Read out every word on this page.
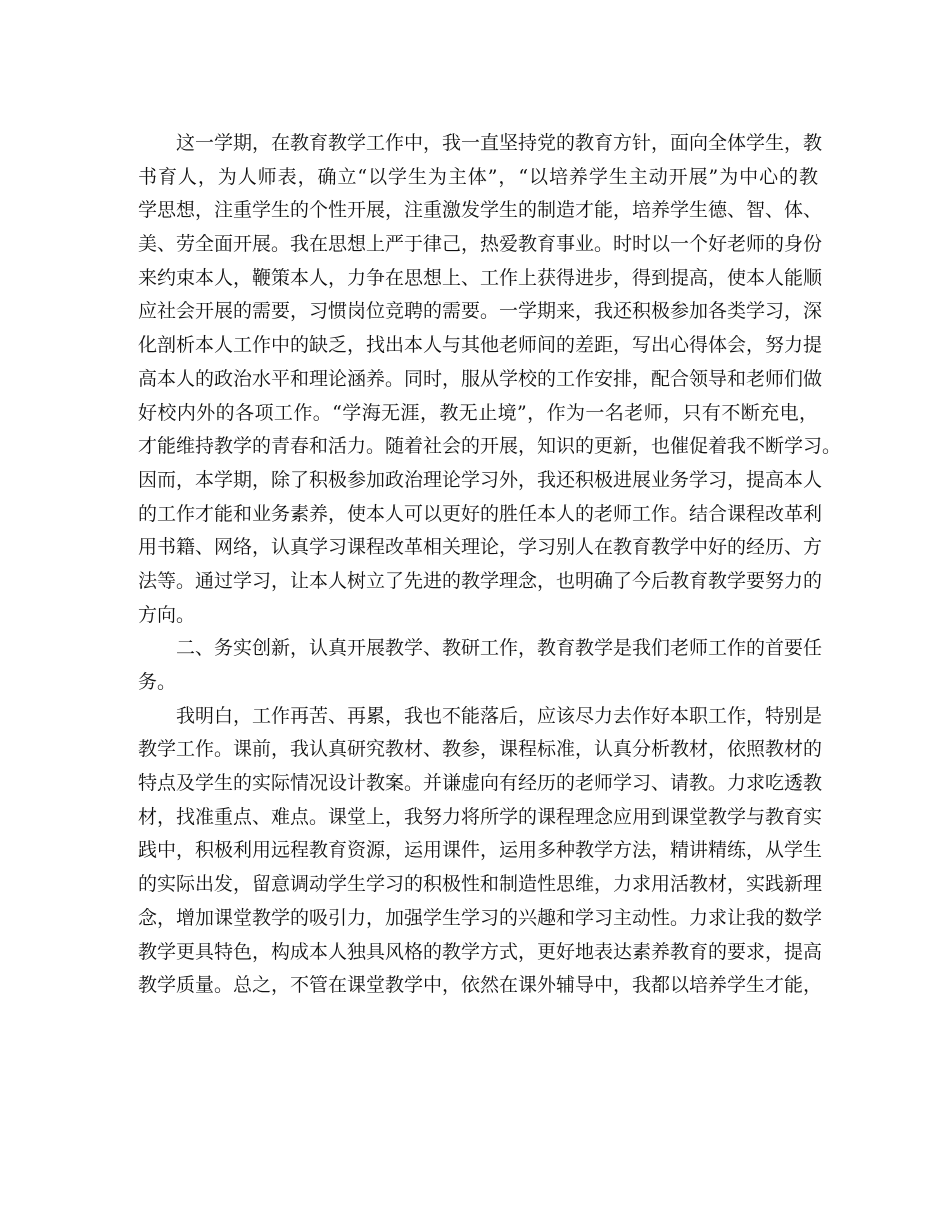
这一学期，在教育教学工作中，我一直坚持党的教育方针，面向全体学生，教
书育人，为人师表，确立“以学生为主体”，“以培养学生主动开展”为中心的教
学思想，注重学生的个性开展，注重激发学生的制造才能，培养学生德、智、体、
美、劳全面开展。我在思想上严于律己，热爱教育事业。时时以一个好老师的身份
来约束本人，鞭策本人，力争在思想上、工作上获得进步，得到提高，使本人能顺
应社会开展的需要，习惯岗位竞聘的需要。一学期来，我还积极参加各类学习，深
化剖析本人工作中的缺乏，找出本人与其他老师间的差距，写出心得体会，努力提
高本人的政治水平和理论涵养。同时，服从学校的工作安排，配合领导和老师们做
好校内外的各项工作。“学海无涯，教无止境”，作为一名老师，只有不断充电，
才能维持教学的青春和活力。随着社会的开展，知识的更新，也催促着我不断学习。
因而，本学期，除了积极参加政治理论学习外，我还积极进展业务学习，提高本人
的工作才能和业务素养，使本人可以更好的胜任本人的老师工作。结合课程改革利
用书籍、网络，认真学习课程改革相关理论，学习别人在教育教学中好的经历、方
法等。通过学习，让本人树立了先进的教学理念，也明确了今后教育教学要努力的
方向。
二、务实创新，认真开展教学、教研工作，教育教学是我们老师工作的首要任
务。
我明白，工作再苦、再累，我也不能落后，应该尽力去作好本职工作，特别是
教学工作。课前，我认真研究教材、教参，课程标准，认真分析教材，依照教材的
特点及学生的实际情况设计教案。并谦虚向有经历的老师学习、请教。力求吃透教
材，找准重点、难点。课堂上，我努力将所学的课程理念应用到课堂教学与教育实
践中，积极利用远程教育资源，运用课件，运用多种教学方法，精讲精练，从学生
的实际出发，留意调动学生学习的积极性和制造性思维，力求用活教材，实践新理
念，增加课堂教学的吸引力，加强学生学习的兴趣和学习主动性。力求让我的数学
教学更具特色，构成本人独具风格的教学方式，更好地表达素养教育的要求，提高
教学质量。总之，不管在课堂教学中，依然在课外辅导中，我都以培养学生才能，
